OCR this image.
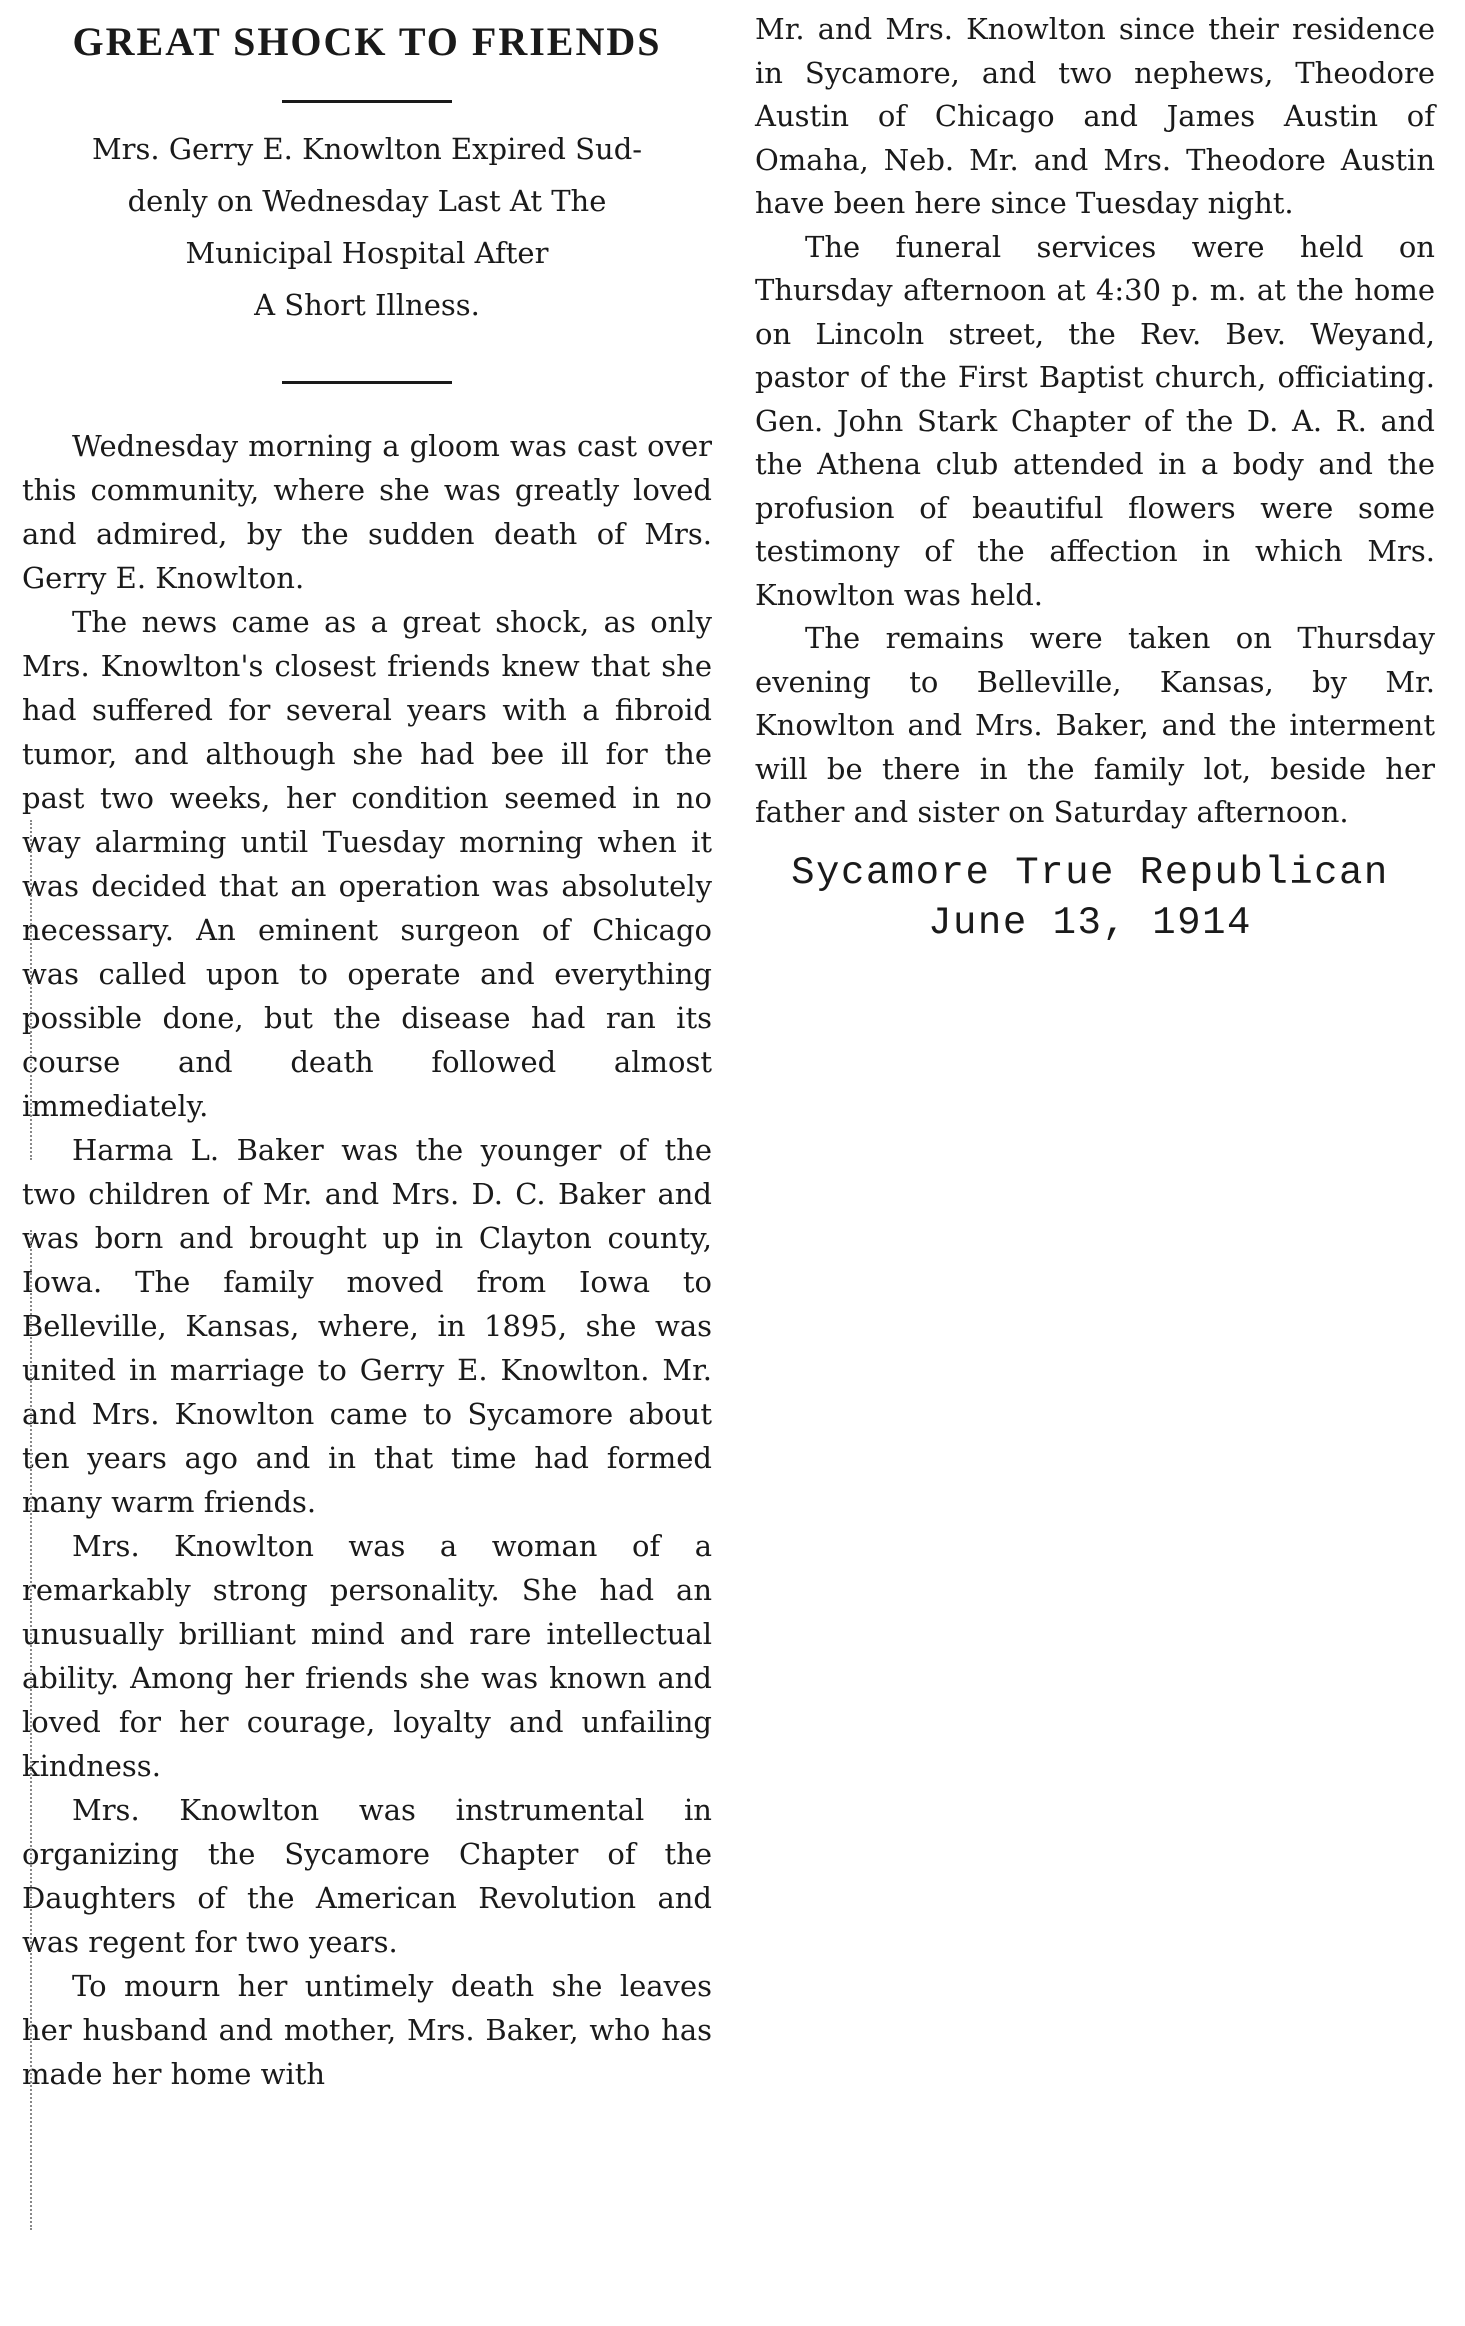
GREAT SHOCK TO FRIENDS
Mrs. Gerry E. Knowlton Expired Sud-
denly on Wednesday Last At The
Municipal Hospital After
A Short Illness.

Wednesday morning a gloom was cast over this community, where she was greatly loved and admired, by the sudden death of Mrs. Gerry E. Knowlton.

The news came as a great shock, as only Mrs. Knowlton's closest friends knew that she had suffered for several years with a fibroid tumor, and although she had bee ill for the past two weeks, her condition seemed in no way alarming until Tuesday morning when it was decided that an operation was absolutely necessary. An eminent surgeon of Chicago was called upon to operate and everything possible done, but the disease had ran its course and death followed almost immediately.

Harma L. Baker was the younger of the two children of Mr. and Mrs. D. C. Baker and was born and brought up in Clayton county, Iowa. The family moved from Iowa to Belleville, Kansas, where, in 1895, she was united in marriage to Gerry E. Knowlton. Mr. and Mrs. Knowlton came to Sycamore about ten years ago and in that time had formed many warm friends.

Mrs. Knowlton was a woman of a remarkably strong personality. She had an unusually brilliant mind and rare intellectual ability. Among her friends she was known and loved for her courage, loyalty and unfailing kindness.

Mrs. Knowlton was instrumental in organizing the Sycamore Chapter of the Daughters of the American Revolution and was regent for two years.

To mourn her untimely death she leaves her husband and mother, Mrs. Baker, who has made her home with

Mr. and Mrs. Knowlton since their residence in Sycamore, and two nephews, Theodore Austin of Chicago and James Austin of Omaha, Neb. Mr. and Mrs. Theodore Austin have been here since Tuesday night.

The funeral services were held on Thursday afternoon at 4:30 p. m. at the home on Lincoln street, the Rev. Bev. Weyand, pastor of the First Baptist church, officiating. Gen. John Stark Chapter of the D. A. R. and the Athena club attended in a body and the profusion of beautiful flowers were some testimony of the affection in which Mrs. Knowlton was held.

The remains were taken on Thursday evening to Belleville, Kansas, by Mr. Knowlton and Mrs. Baker, and the interment will be there in the family lot, beside her father and sister on Saturday afternoon.

Sycamore True Republican
June 13, 1914
